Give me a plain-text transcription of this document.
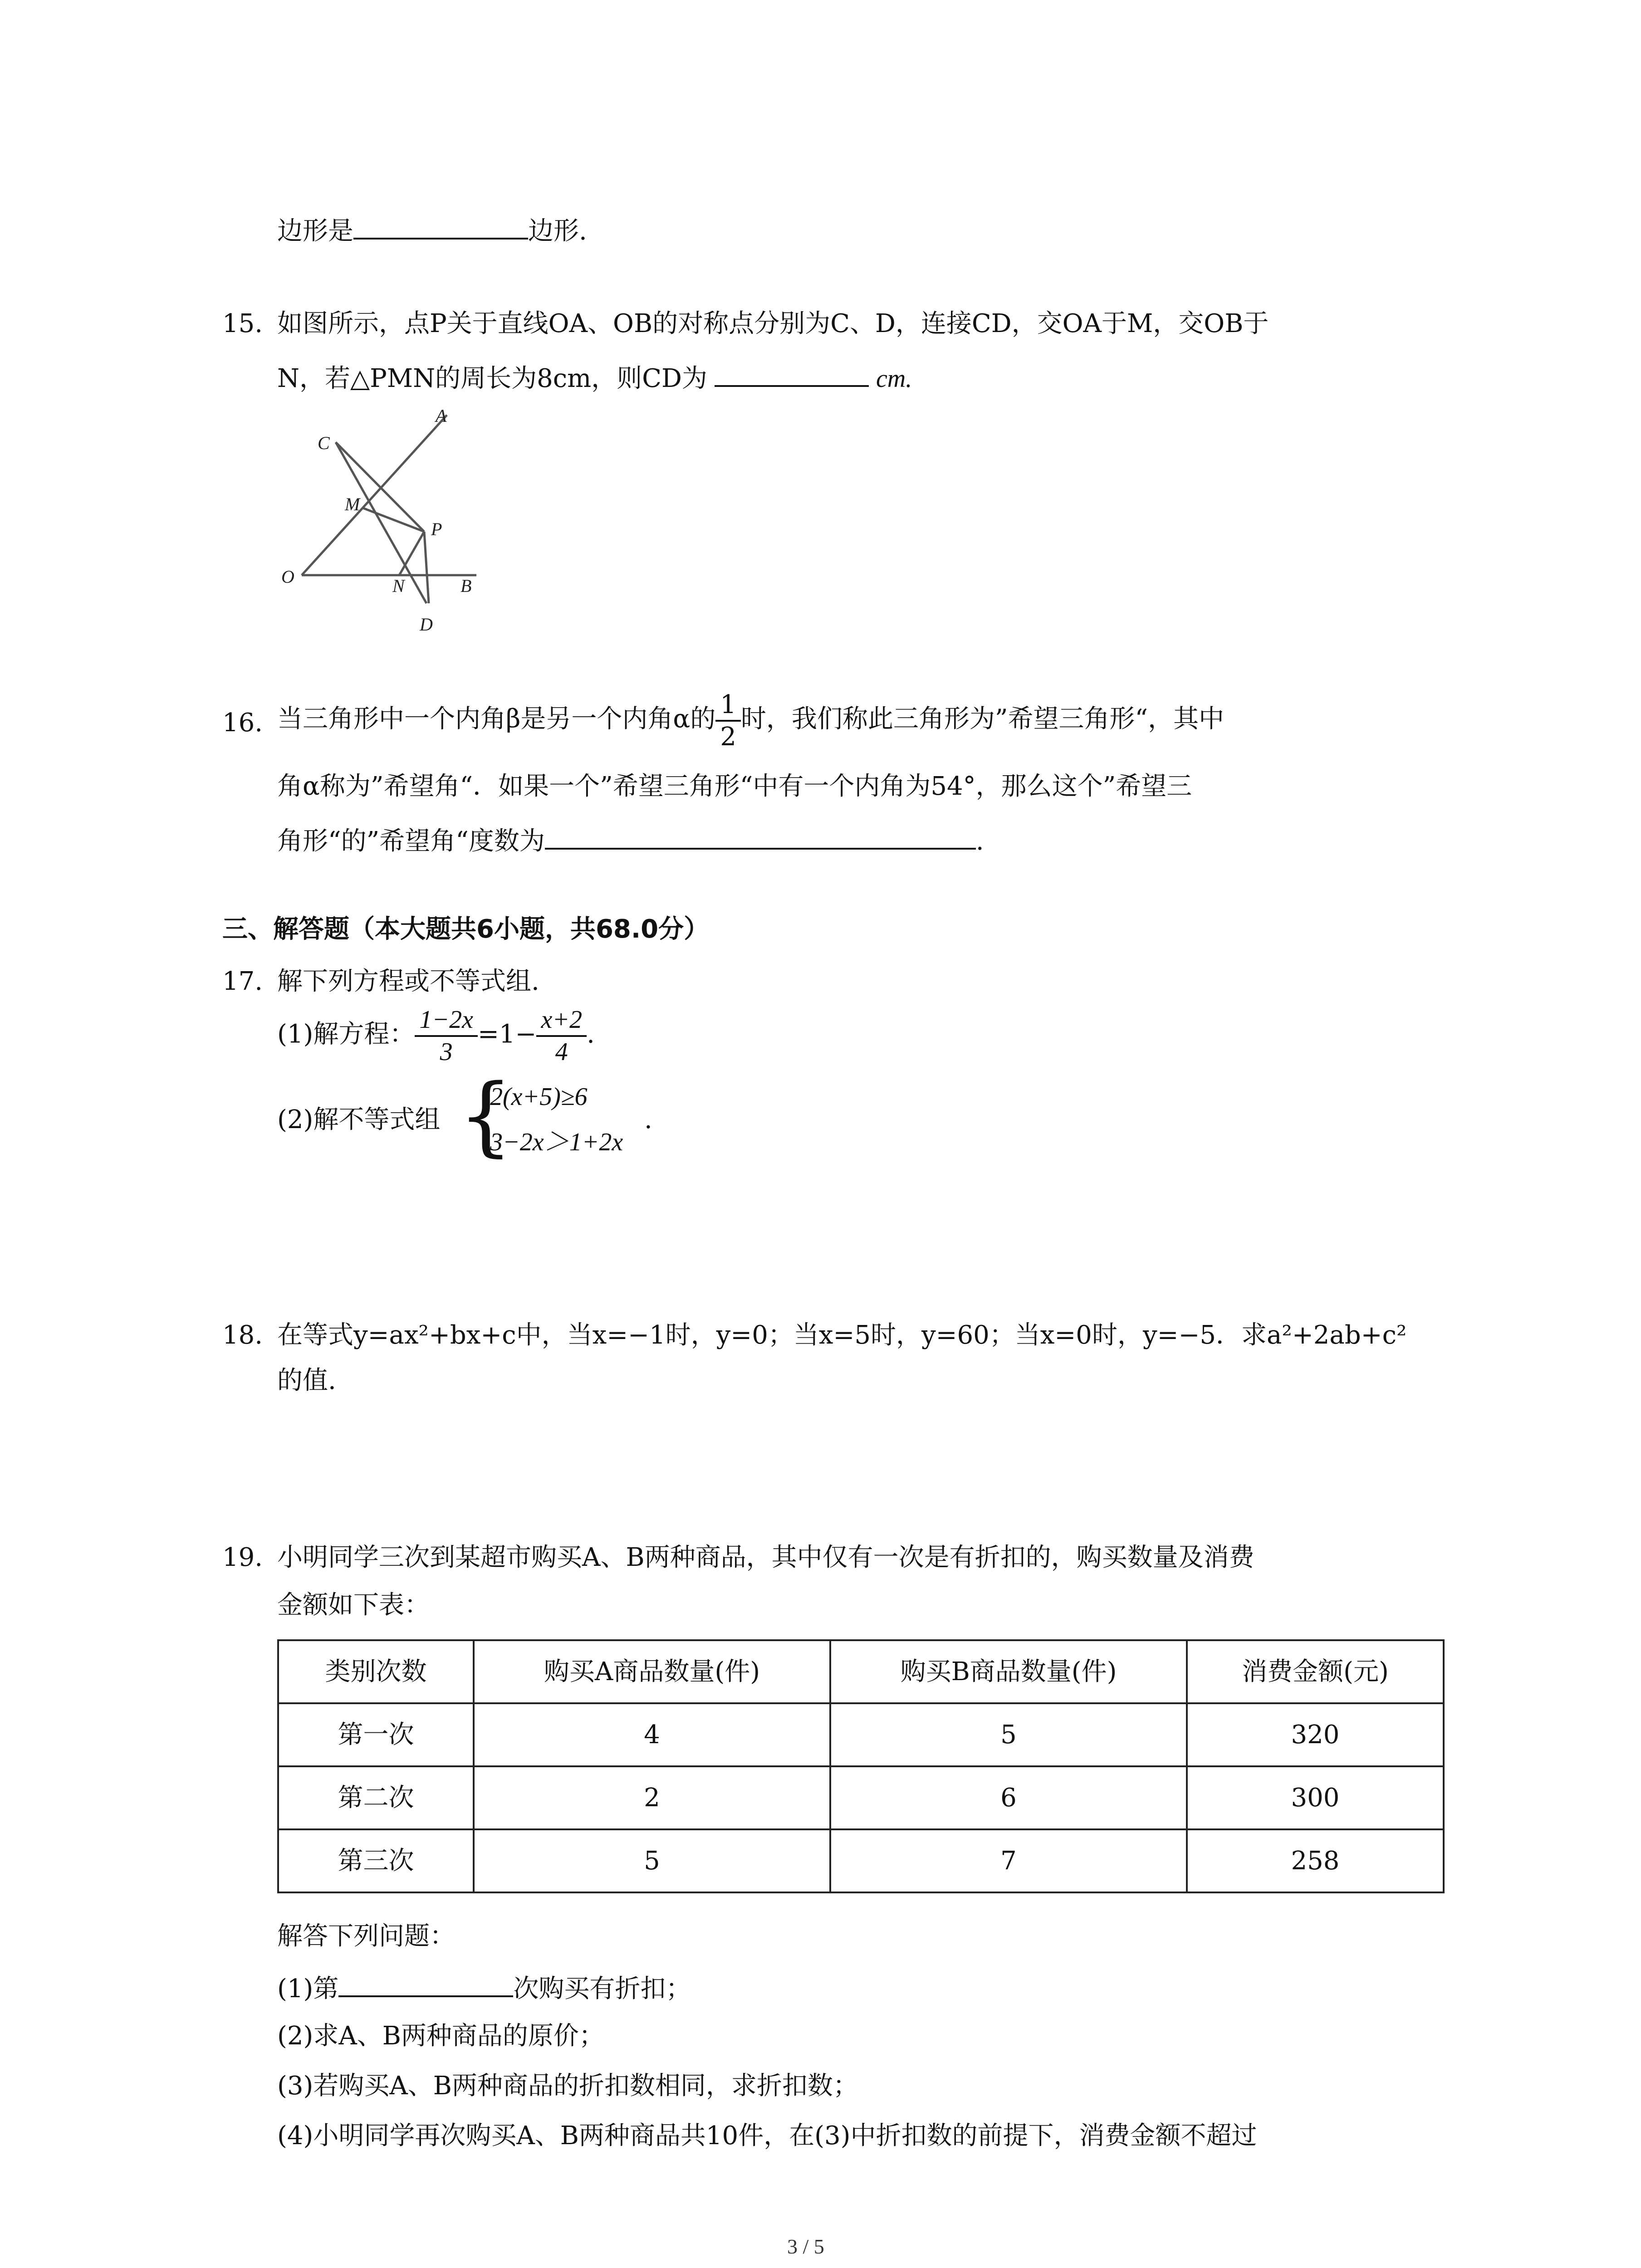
边形是	边形.
15. 如图所示，点P关于直线OA、OB的对称点分别为C、D，连接CD，交OA于M，交OB于
N，若△PMN的周长为8cm，则CD为	cm.
C
A
M
P
O	N	B
D
16. 当三角形中一个内角β是另一个内角α的 $\frac{1}{2}$ 时，我们称此三角形为”希望三角形“，其中
角α称为”希望角“．如果一个”希望三角形“中有一个内角为54°，那么这个”希望三
角形“的”希望角“度数为	.
三、解答题（本大题共6小题，共68.0分）
17. 解下列方程或不等式组.
(1)解方程： $\frac{1-2x}{3} =1- \frac{x+2}{4}$ .
(2)解不等式组 {
2(x+5)≥6
3−2x＞1+2x
.
18. 在等式y=ax²+bx+c中，当x=−1时，y=0；当x=5时，y=60；当x=0时，y=−5．求a²+2ab+c²
的值.
19. 小明同学三次到某超市购买A、B两种商品，其中仅有一次是有折扣的，购买数量及消费
金额如下表：
类别次数	购买A商品数量(件)	购买B商品数量(件)	消费金额(元)
第一次	4	5	320
第二次	2	6	300
第三次	5	7	258
解答下列问题：
(1)第	次购买有折扣；
(2)求A、B两种商品的原价；
(3)若购买A、B两种商品的折扣数相同，求折扣数；
(4)小明同学再次购买A、B两种商品共10件，在(3)中折扣数的前提下，消费金额不超过
3 / 5
